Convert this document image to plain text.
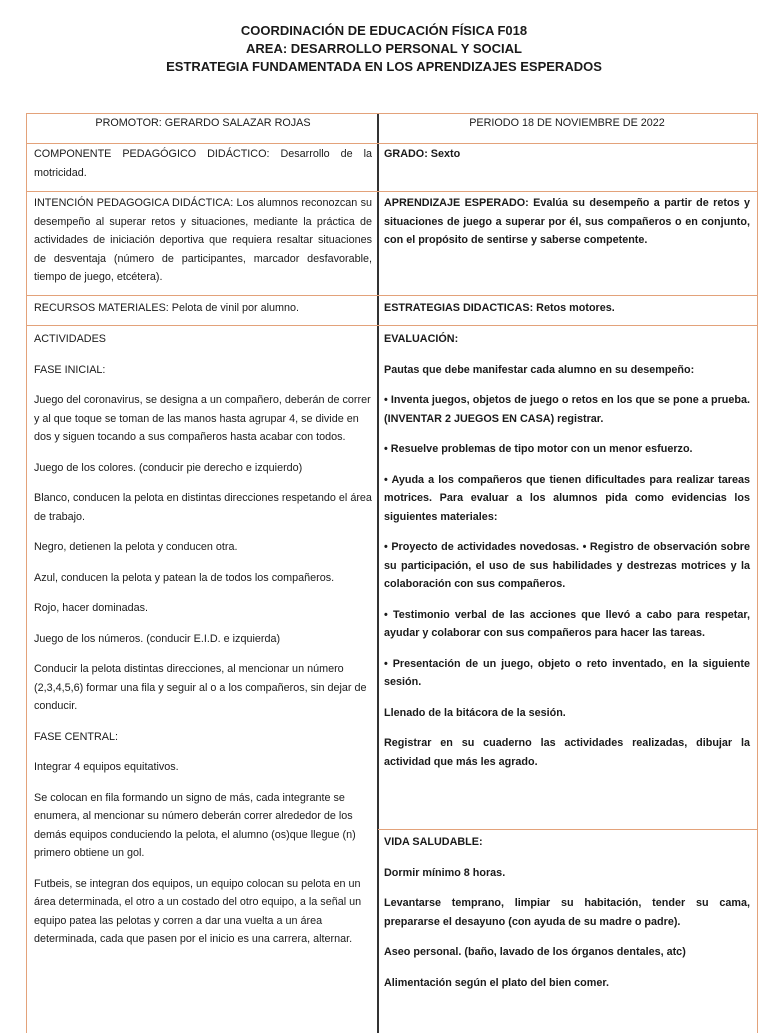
COORDINACIÓN DE EDUCACIÓN FÍSICA F018
AREA: DESARROLLO PERSONAL Y SOCIAL
ESTRATEGIA FUNDAMENTADA EN LOS APRENDIZAJES ESPERADOS
PROMOTOR: GERARDO SALAZAR ROJAS	PERIODO 18 DE NOVIEMBRE DE 2022
COMPONENTE PEDAGÓGICO DIDÁCTICO: Desarrollo de la motricidad.
GRADO: Sexto
INTENCIÓN PEDAGOGICA DIDÁCTICA: Los alumnos reconozcan su desempeño al superar retos y situaciones, mediante la práctica de actividades de iniciación deportiva que requiera resaltar situaciones de desventaja (número de participantes, marcador desfavorable, tiempo de juego, etcétera).
APRENDIZAJE ESPERADO: Evalúa su desempeño a partir de retos y situaciones de juego a superar por él, sus compañeros o en conjunto, con el propósito de sentirse y saberse competente.
RECURSOS MATERIALES: Pelota de vinil por alumno.	ESTRATEGIAS DIDACTICAS: Retos motores.

ACTIVIDADES

FASE INICIAL:

Juego del coronavirus, se designa a un compañero, deberán de correr y al que toque se toman de las manos hasta agrupar 4, se divide en dos y siguen tocando a sus compañeros hasta acabar con todos.

Juego de los colores. (conducir pie derecho e izquierdo)

Blanco, conducen la pelota en distintas direcciones respetando el área de trabajo.

Negro, detienen la pelota y conducen otra.

Azul, conducen la pelota y patean la de todos los compañeros.

Rojo, hacer dominadas.

Juego de los números. (conducir E.I.D. e izquierda)

Conducir la pelota distintas direcciones, al mencionar un número (2,3,4,5,6) formar una fila y seguir al o a los compañeros, sin dejar de conducir.

FASE CENTRAL:

Integrar 4 equipos equitativos.

Se colocan en fila formando un signo de más, cada integrante se enumera, al mencionar su número deberán correr alrededor de los demás equipos conduciendo la pelota, el alumno (os)que llegue (n) primero obtiene un gol.

Futbeis, se integran dos equipos, un equipo colocan su pelota en un área determinada, el otro a un costado del otro equipo, a la señal un equipo patea las pelotas y corren a dar una vuelta a un área determinada, cada que pasen por el inicio es una carrera, alternar.

EVALUACIÓN:

Pautas que debe manifestar cada alumno en su desempeño:

• Inventa juegos, objetos de juego o retos en los que se pone a prueba. (INVENTAR 2 JUEGOS EN CASA) registrar.

• Resuelve problemas de tipo motor con un menor esfuerzo.

• Ayuda a los compañeros que tienen dificultades para realizar tareas motrices. Para evaluar a los alumnos pida como evidencias los siguientes materiales:

• Proyecto de actividades novedosas. • Registro de observación sobre su participación, el uso de sus habilidades y destrezas motrices y la colaboración con sus compañeros.

• Testimonio verbal de las acciones que llevó a cabo para respetar, ayudar y colaborar con sus compañeros para hacer las tareas.

• Presentación de un juego, objeto o reto inventado, en la siguiente sesión.

Llenado de la bitácora de la sesión.

Registrar en su cuaderno las actividades realizadas, dibujar la actividad que más les agrado.

VIDA SALUDABLE:

Dormir mínimo 8 horas.

Levantarse temprano, limpiar su habitación, tender su cama, prepararse el desayuno (con ayuda de su madre o padre).

Aseo personal. (baño, lavado de los órganos dentales, atc)

Alimentación según el plato del bien comer.
